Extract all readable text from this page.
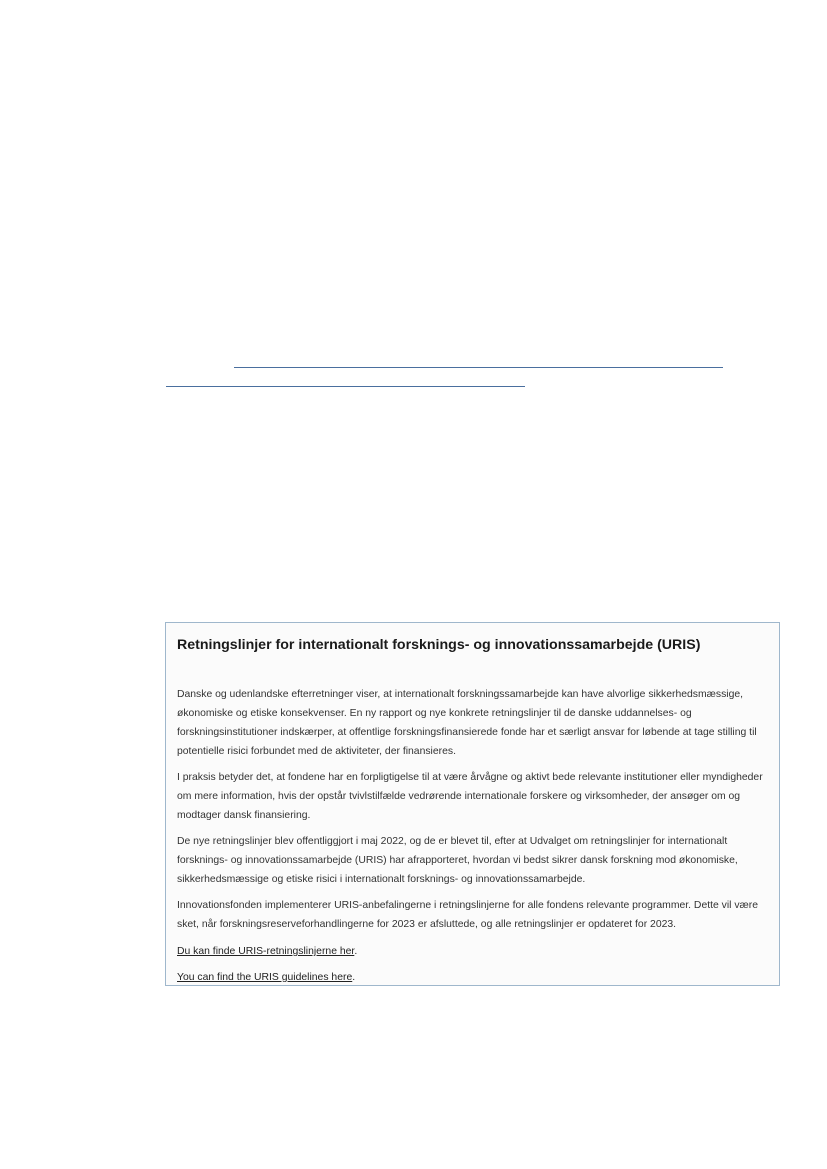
Retningslinjer for internationalt forsknings- og innovationssamarbejde (URIS)

Danske og udenlandske efterretninger viser, at internationalt forskningssamarbejde kan have alvorlige sikkerhedsmæssige, økonomiske og etiske konsekvenser. En ny rapport og nye konkrete retningslinjer til de danske uddannelses- og forskningsinstitutioner indskærper, at offentlige forskningsfinansierede fonde har et særligt ansvar for løbende at tage stilling til potentielle risici forbundet med de aktiviteter, der finansieres.

I praksis betyder det, at fondene har en forpligtigelse til at være årvågne og aktivt bede relevante institutioner eller myndigheder om mere information, hvis der opstår tvivlstilfælde vedrørende internationale forskere og virksomheder, der ansøger om og modtager dansk finansiering.

De nye retningslinjer blev offentliggjort i maj 2022, og de er blevet til, efter at Udvalget om retningslinjer for internationalt forsknings- og innovationssamarbejde (URIS) har afrapporteret, hvordan vi bedst sikrer dansk forskning mod økonomiske, sikkerhedsmæssige og etiske risici i internationalt forsknings- og innovationssamarbejde.

Innovationsfonden implementerer URIS-anbefalingerne i retningslinjerne for alle fondens relevante programmer. Dette vil være sket, når forskningsreserveforhandlingerne for 2023 er afsluttede, og alle retningslinjer er opdateret for 2023.

Du kan finde URIS-retningslinjerne her.

You can find the URIS guidelines here.
